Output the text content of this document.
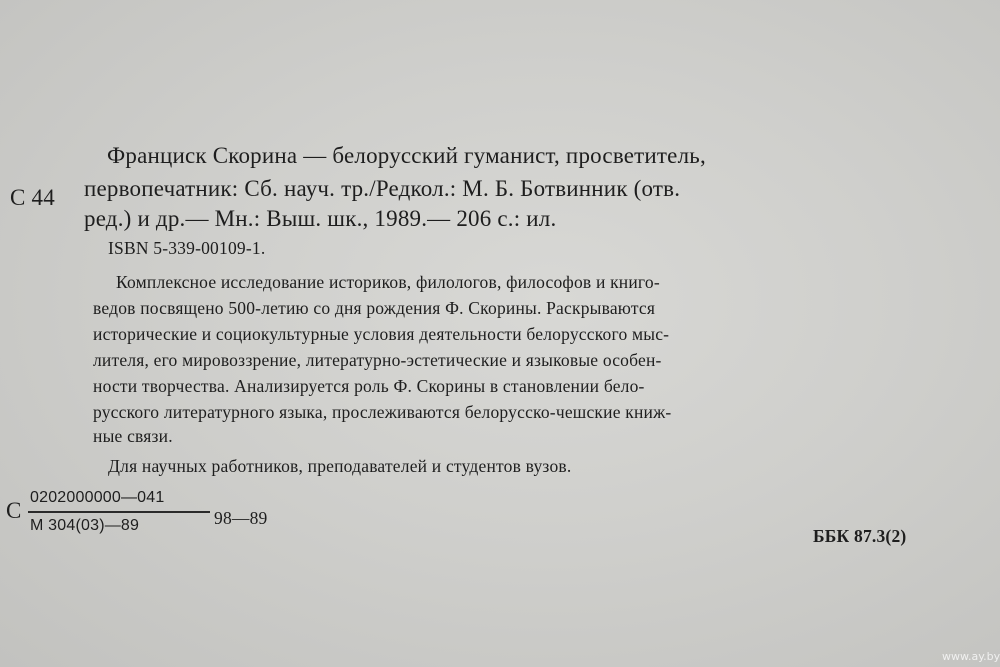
С 44
Франциск Скорина — белорусский гуманист, просветитель,
первопечатник: Сб. науч. тр./Редкол.: М. Б. Ботвинник (отв.
ред.) и др.— Мн.: Выш. шк., 1989.— 206 с.: ил.
ISBN 5-339-00109-1.
Комплексное исследование историков, филологов, философов и книго-
ведов посвящено 500-летию со дня рождения Ф. Скорины. Раскрываются
исторические и социокультурные условия деятельности белорусского мыс-
лителя, его мировоззрение, литературно-эстетические и языковые особен-
ности творчества. Анализируется роль Ф. Скорины в становлении бело-
русского литературного языка, прослеживаются белорусско-чешские книж-
ные связи.
Для научных работников, преподавателей и студентов вузов.
С
0202000000—041
М 304(03)—89	98—89
ББК 87.3(2)
www.ay.by
